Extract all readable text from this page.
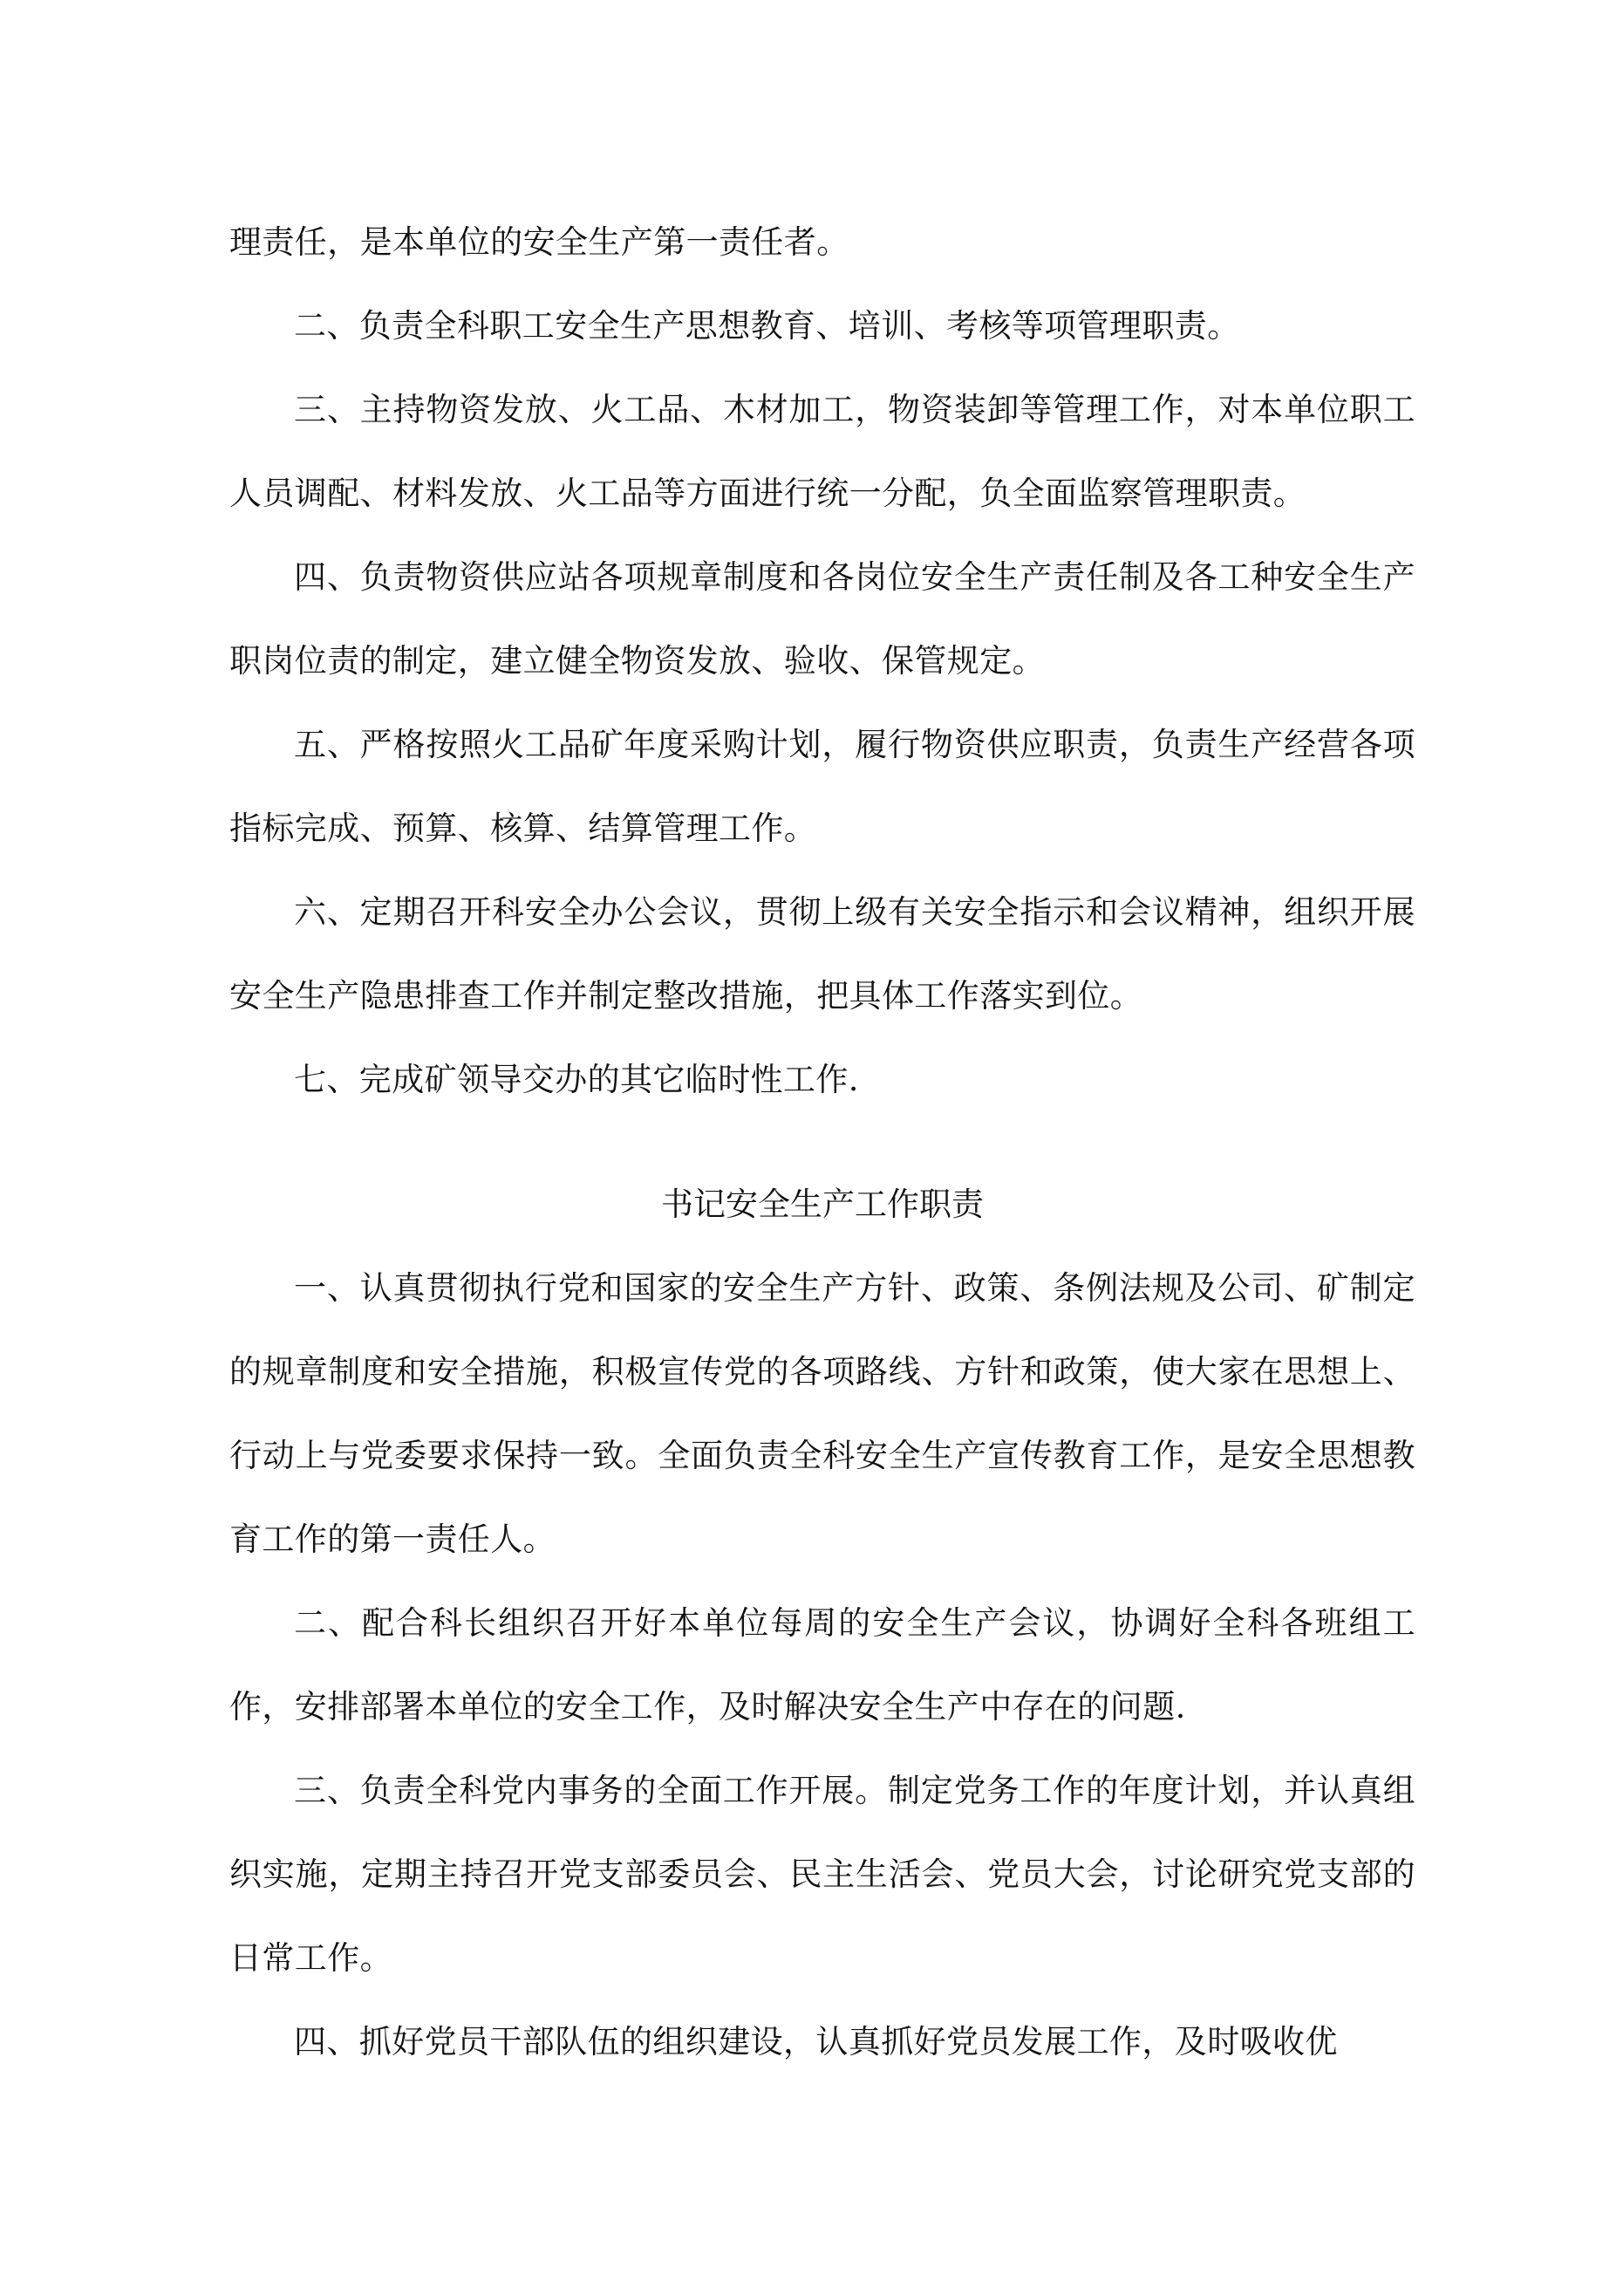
理责任，是本单位的安全生产第一责任者。

二、负责全科职工安全生产思想教育、培训、考核等项管理职责。

三、主持物资发放、火工品、木材加工，物资装卸等管理工作，对本单位职工人员调配、材料发放、火工品等方面进行统一分配，负全面监察管理职责。

四、负责物资供应站各项规章制度和各岗位安全生产责任制及各工种安全生产职岗位责的制定，建立健全物资发放、验收、保管规定。

五、严格按照火工品矿年度采购计划，履行物资供应职责，负责生产经营各项指标完成、预算、核算、结算管理工作。

六、定期召开科安全办公会议，贯彻上级有关安全指示和会议精神，组织开展安全生产隐患排查工作并制定整改措施，把具体工作落实到位。

七、完成矿领导交办的其它临时性工作.

书记安全生产工作职责

一、认真贯彻执行党和国家的安全生产方针、政策、条例法规及公司、矿制定的规章制度和安全措施，积极宣传党的各项路线、方针和政策，使大家在思想上、行动上与党委要求保持一致。全面负责全科安全生产宣传教育工作，是安全思想教育工作的第一责任人。

二、配合科长组织召开好本单位每周的安全生产会议，协调好全科各班组工作，安排部署本单位的安全工作，及时解决安全生产中存在的问题.

三、负责全科党内事务的全面工作开展。制定党务工作的年度计划，并认真组织实施，定期主持召开党支部委员会、民主生活会、党员大会，讨论研究党支部的日常工作。

四、抓好党员干部队伍的组织建设，认真抓好党员发展工作，及时吸收优
